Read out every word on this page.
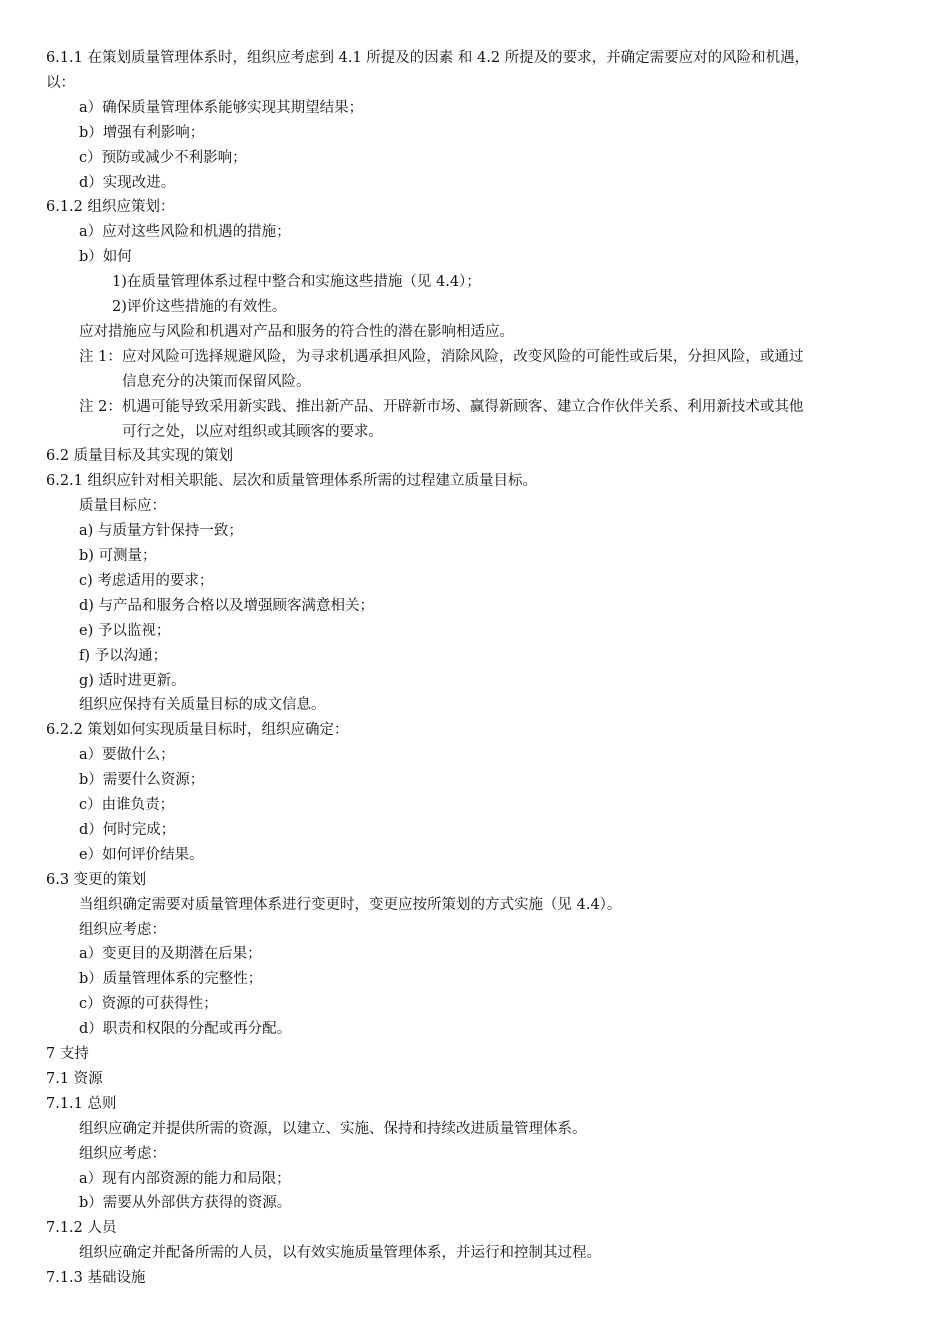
6.1.1 在策划质量管理体系时，组织应考虑到 4.1 所提及的因素 和 4.2 所提及的要求，并确定需要应对的风险和机遇，
以：
a）确保质量管理体系能够实现其期望结果；
b）增强有利影响；
c）预防或减少不利影响；
d）实现改进。
6.1.2 组织应策划：
a）应对这些风险和机遇的措施；
b）如何
1)在质量管理体系过程中整合和实施这些措施（见 4.4）；
2)评价这些措施的有效性。
应对措施应与风险和机遇对产品和服务的符合性的潜在影响相适应。
注 1：应对风险可选择规避风险，为寻求机遇承担风险，消除风险，改变风险的可能性或后果，分担风险，或通过
信息充分的决策而保留风险。
注 2：机遇可能导致采用新实践、推出新产品、开辟新市场、赢得新顾客、建立合作伙伴关系、利用新技术或其他
可行之处，以应对组织或其顾客的要求。
6.2 质量目标及其实现的策划
6.2.1 组织应针对相关职能、层次和质量管理体系所需的过程建立质量目标。
质量目标应：
a) 与质量方针保持一致；
b) 可测量；
c) 考虑适用的要求；
d) 与产品和服务合格以及增强顾客满意相关；
e) 予以监视；
f) 予以沟通；
g) 适时进更新。
组织应保持有关质量目标的成文信息。
6.2.2 策划如何实现质量目标时，组织应确定：
a）要做什么；
b）需要什么资源；
c）由谁负责；
d）何时完成；
e）如何评价结果。
6.3 变更的策划
当组织确定需要对质量管理体系进行变更时，变更应按所策划的方式实施（见 4.4）。
组织应考虑：
a）变更目的及期潜在后果；
b）质量管理体系的完整性；
c）资源的可获得性；
d）职责和权限的分配或再分配。
7 支持
7.1 资源
7.1.1 总则
组织应确定并提供所需的资源，以建立、实施、保持和持续改进质量管理体系。
组织应考虑：
a）现有内部资源的能力和局限；
b）需要从外部供方获得的资源。
7.1.2 人员
组织应确定并配备所需的人员，以有效实施质量管理体系，并运行和控制其过程。
7.1.3 基础设施
